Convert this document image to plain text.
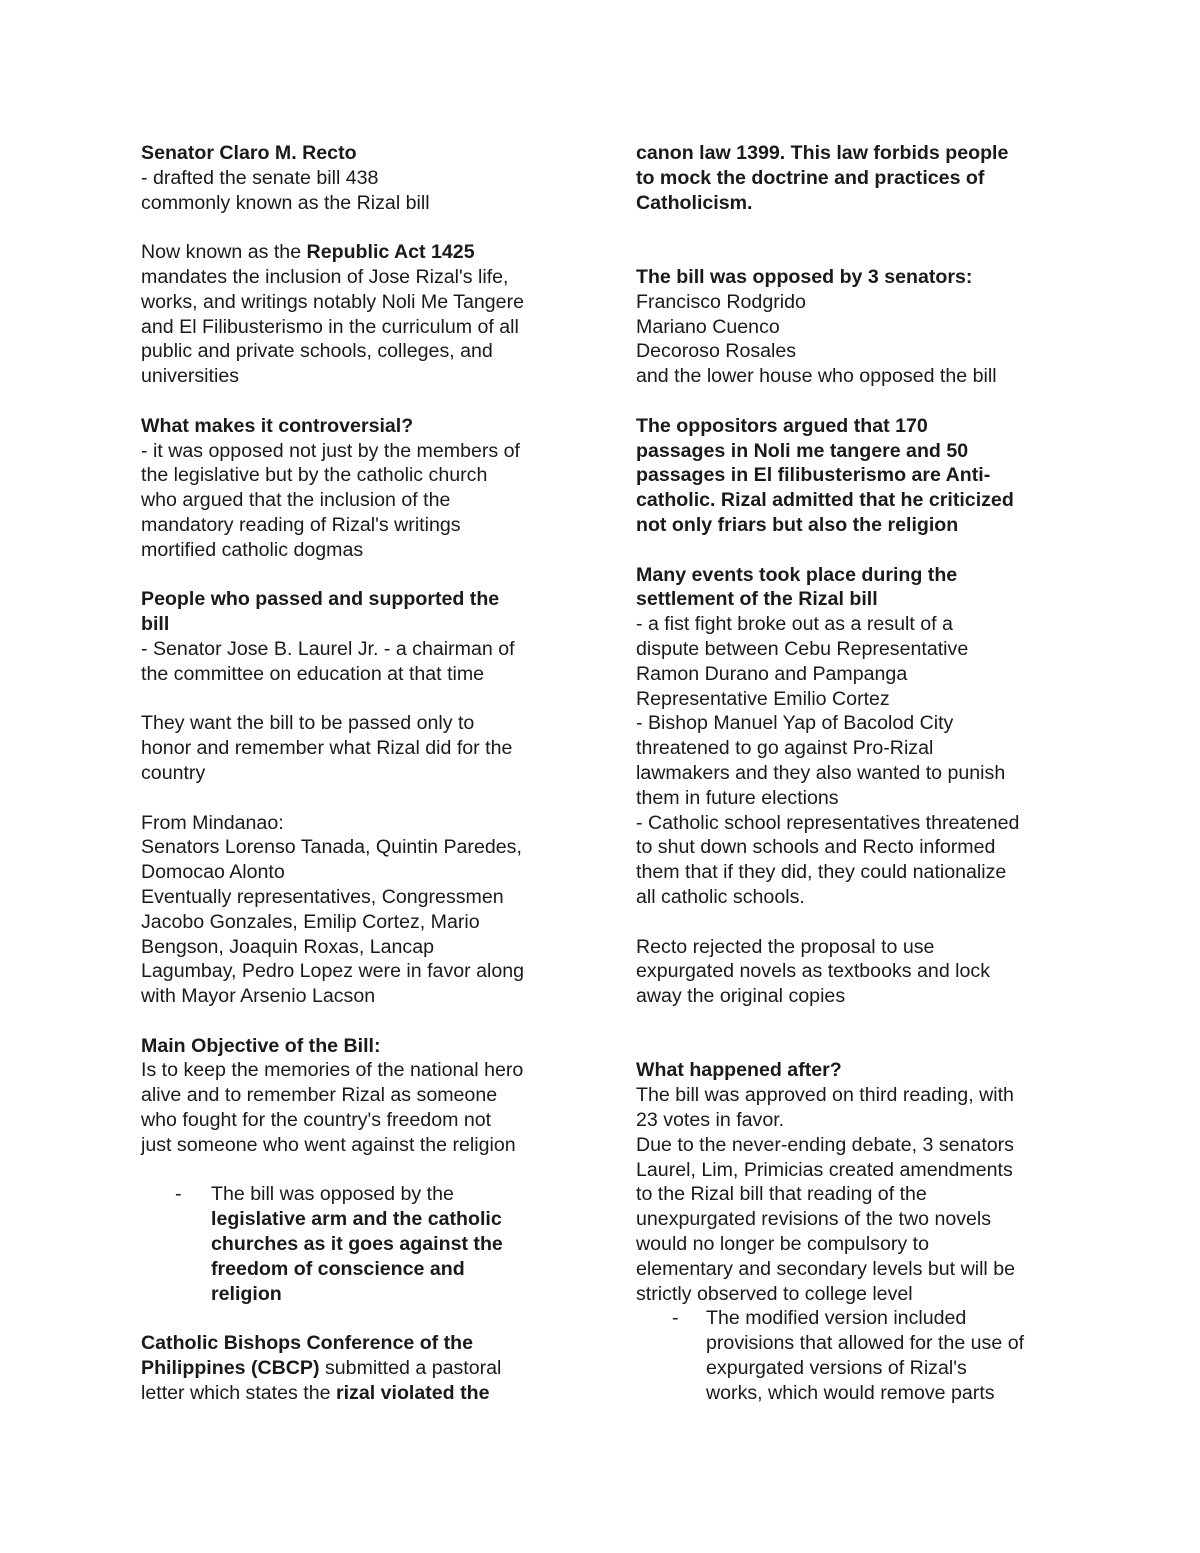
Senator Claro M. Recto

- drafted the senate bill 438

commonly known as the Rizal bill

Now known as the Republic Act 1425

mandates the inclusion of Jose Rizal's life,
works, and writings notably Noli Me Tangere
and El Filibusterismo in the curriculum of all
public and private schools, colleges, and
universities

What makes it controversial?

- it was opposed not just by the members of
the legislative but by the catholic church
who argued that the inclusion of the
mandatory reading of Rizal's writings
mortified catholic dogmas

People who passed and supported the
bill

- Senator Jose B. Laurel Jr. - a chairman of
the committee on education at that time

They want the bill to be passed only to
honor and remember what Rizal did for the
country

From Mindanao:
Senators Lorenso Tanada, Quintin Paredes,
Domocao Alonto
Eventually representatives, Congressmen
Jacobo Gonzales, Emilip Cortez, Mario
Bengson, Joaquin Roxas, Lancap
Lagumbay, Pedro Lopez were in favor along
with Mayor Arsenio Lacson

Main Objective of the Bill:

Is to keep the memories of the national hero
alive and to remember Rizal as someone
who fought for the country's freedom not
just someone who went against the religion

-	The bill was opposed by the

legislative arm and the catholic
churches as it goes against the
freedom of conscience and
religion

Catholic Bishops Conference of the
Philippines (CBCP) submitted a pastoral
letter which states the rizal violated the

canon law 1399. This law forbids people
to mock the doctrine and practices of
Catholicism.

The bill was opposed by 3 senators:

Francisco Rodgrido
Mariano Cuenco
Decoroso Rosales
and the lower house who opposed the bill

The oppositors argued that 170
passages in Noli me tangere and 50
passages in El filibusterismo are Anti-
catholic. Rizal admitted that he criticized
not only friars but also the religion

Many events took place during the
settlement of the Rizal bill

- a fist fight broke out as a result of a
dispute between Cebu Representative
Ramon Durano and Pampanga
Representative Emilio Cortez
- Bishop Manuel Yap of Bacolod City
threatened to go against Pro-Rizal
lawmakers and they also wanted to punish
them in future elections
- Catholic school representatives threatened
to shut down schools and Recto informed
them that if they did, they could nationalize
all catholic schools.

Recto rejected the proposal to use
expurgated novels as textbooks and lock
away the original copies

What happened after?

The bill was approved on third reading, with
23 votes in favor.
Due to the never-ending debate, 3 senators
Laurel, Lim, Primicias created amendments
to the Rizal bill that reading of the
unexpurgated revisions of the two novels
would no longer be compulsory to
elementary and secondary levels but will be
strictly observed to college level

-	The modified version included
provisions that allowed for the use of
expurgated versions of Rizal's
works, which would remove parts
